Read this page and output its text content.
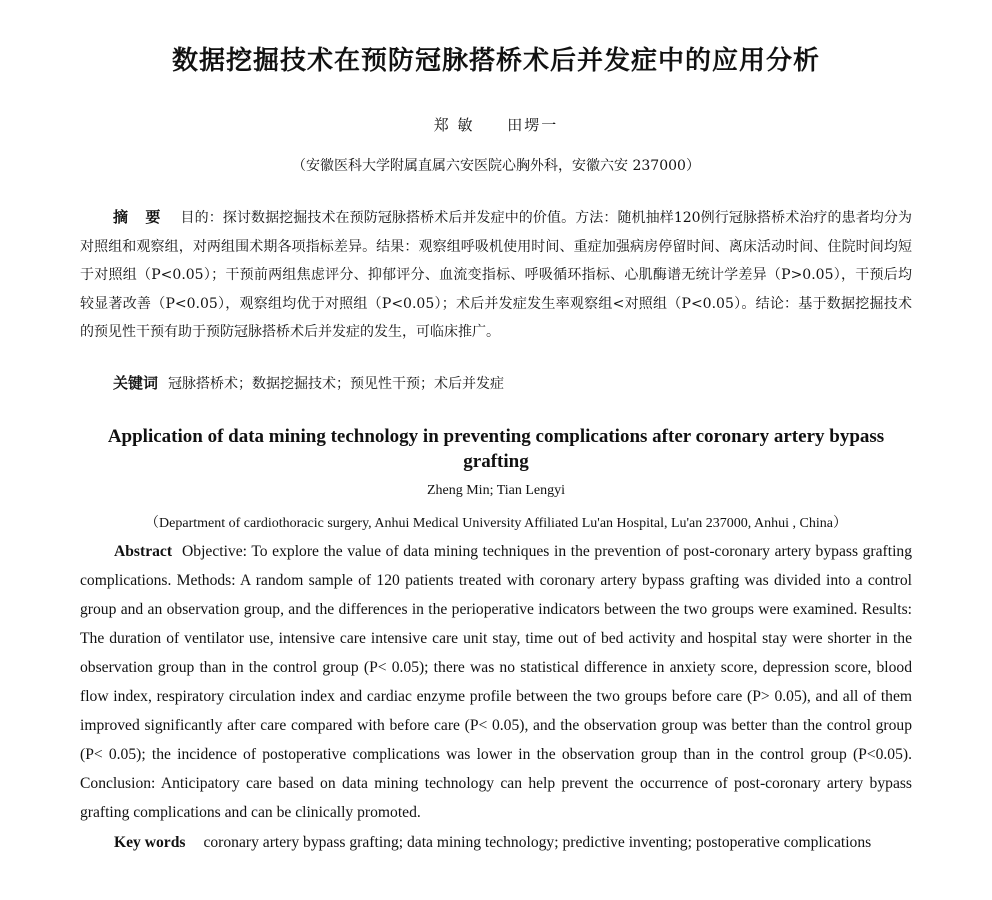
数据挖掘技术在预防冠脉搭桥术后并发症中的应用分析
郑 敏 田塄一
（安徽医科大学附属直属六安医院心胸外科，安徽六安 237000）
摘 要 目的：探讨数据挖掘技术在预防冠脉搭桥术后并发症中的价值。方法：随机抽样120例行冠脉搭桥术治疗的患者均分为对照组和观察组，对两组围术期各项指标差异。结果：观察组呼吸机使用时间、重症加强病房停留时间、离床活动时间、住院时间均短于对照组（P<0.05）；干预前两组焦虑评分、抑郁评分、血流变指标、呼吸循环指标、心肌酶谱无统计学差异（P>0.05），干预后均较显著改善（P<0.05），观察组均优于对照组（P<0.05）；术后并发症发生率观察组<对照组（P<0.05）。结论：基于数据挖掘技术的预见性干预有助于预防冠脉搭桥术后并发症的发生，可临床推广。
关键词 冠脉搭桥术；数据挖掘技术；预见性干预；术后并发症
Application of data mining technology in preventing complications after coronary artery bypass grafting
Zheng Min; Tian Lengyi
（Department of cardiothoracic surgery, Anhui Medical University Affiliated Lu'an Hospital, Lu'an 237000, Anhui , China）
Abstract Objective: To explore the value of data mining techniques in the prevention of post-coronary artery bypass grafting complications. Methods: A random sample of 120 patients treated with coronary artery bypass grafting was divided into a control group and an observation group, and the differences in the perioperative indicators between the two groups were examined. Results: The duration of ventilator use, intensive care intensive care unit stay, time out of bed activity and hospital stay were shorter in the observation group than in the control group (P< 0.05); there was no statistical difference in anxiety score, depression score, blood flow index, respiratory circulation index and cardiac enzyme profile between the two groups before care (P> 0.05), and all of them improved significantly after care compared with before care (P< 0.05), and the observation group was better than the control group (P< 0.05); the incidence of postoperative complications was lower in the observation group than in the control group (P<0.05). Conclusion: Anticipatory care based on data mining technology can help prevent the occurrence of post-coronary artery bypass grafting complications and can be clinically promoted.
Key words coronary artery bypass grafting; data mining technology; predictive inventing; postoperative complications
